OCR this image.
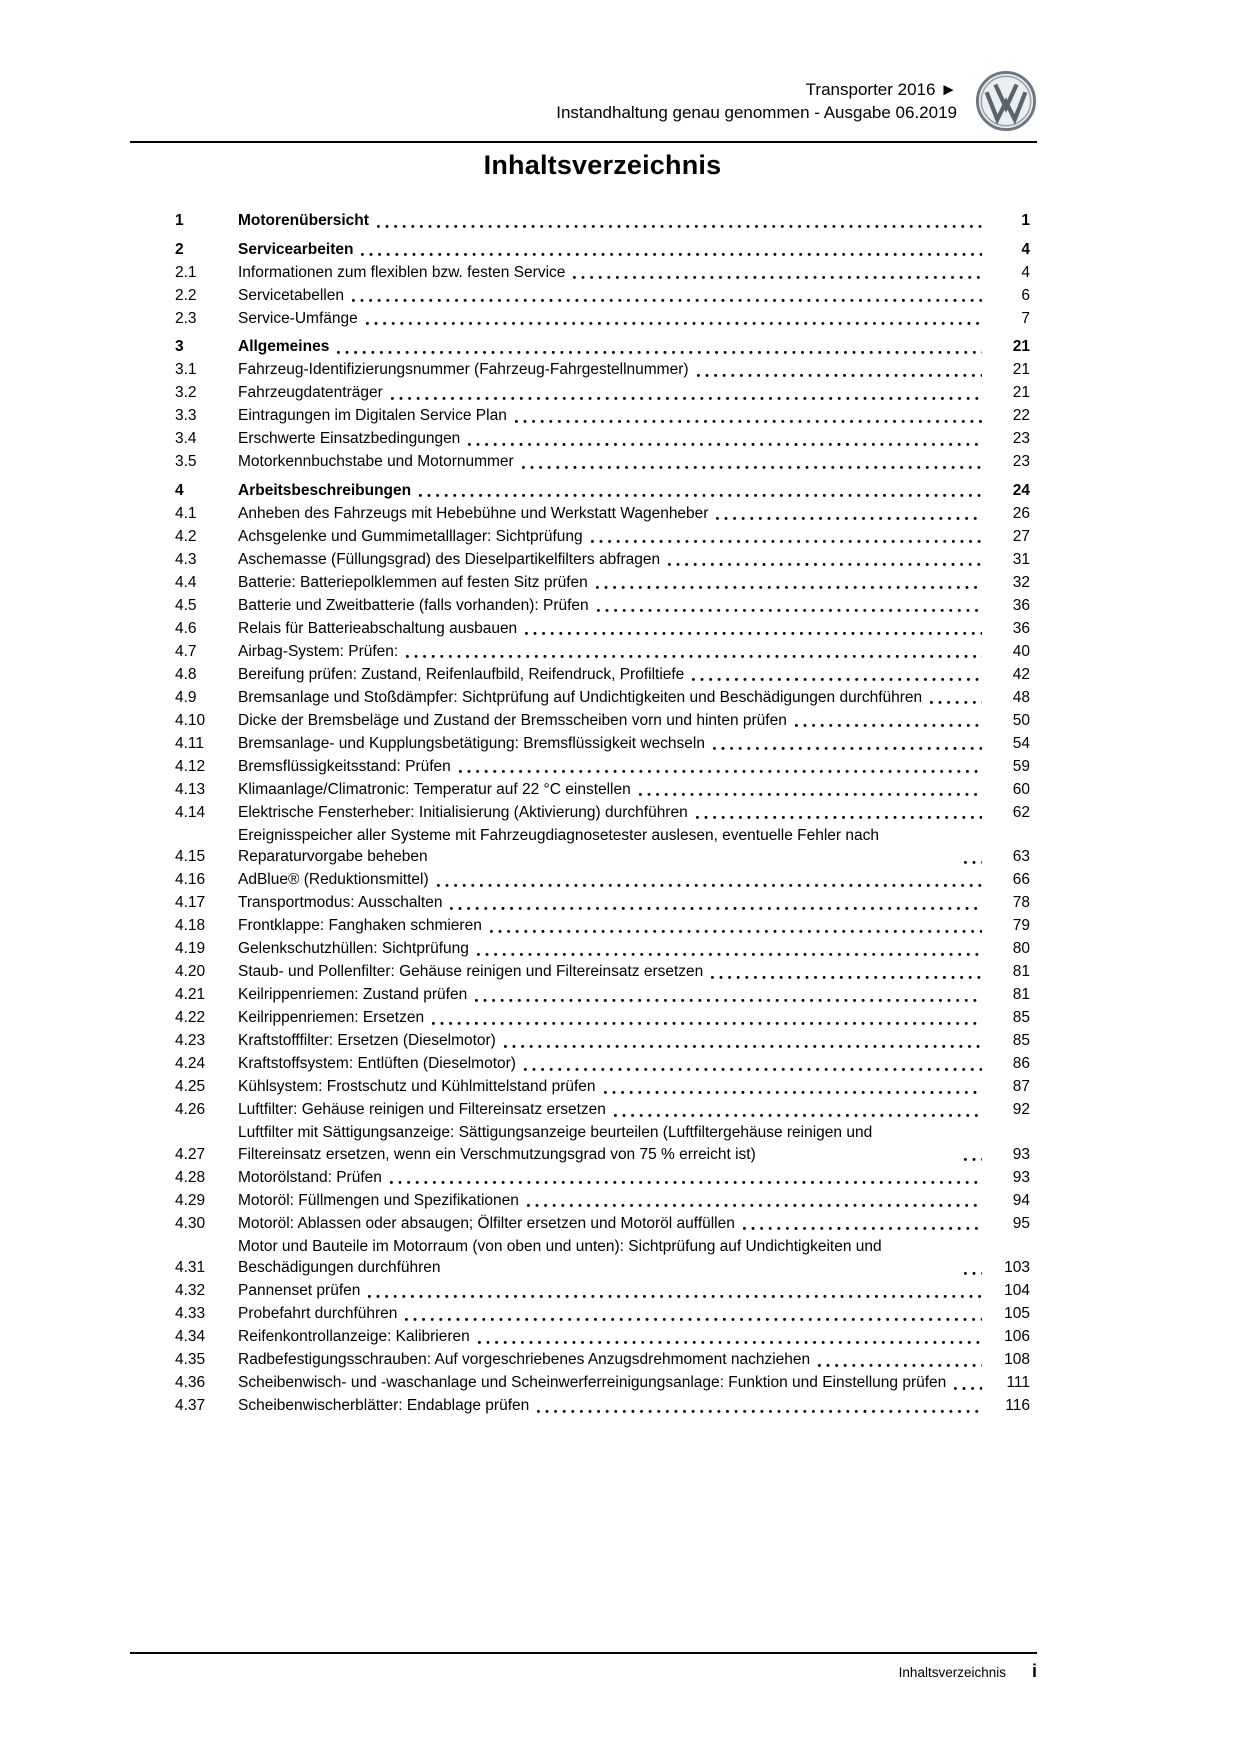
Transporter 2016 ►
Instandhaltung genau genommen - Ausgabe 06.2019
Inhaltsverzeichnis
1	Motorenübersicht	1
2	Servicearbeiten	4
2.1	Informationen zum flexiblen bzw. festen Service	4
2.2	Servicetabellen	6
2.3	Service-Umfänge	7
3	Allgemeines	21
3.1	Fahrzeug-Identifizierungsnummer (Fahrzeug-Fahrgestellnummer)	21
3.2	Fahrzeugdatenträger	21
3.3	Eintragungen im Digitalen Service Plan	22
3.4	Erschwerte Einsatzbedingungen	23
3.5	Motorkennbuchstabe und Motornummer	23
4	Arbeitsbeschreibungen	24
4.1	Anheben des Fahrzeugs mit Hebebühne und Werkstatt Wagenheber	26
4.2	Achsgelenke und Gummimetalllager: Sichtprüfung	27
4.3	Aschemasse (Füllungsgrad) des Dieselpartikelfilters abfragen	31
4.4	Batterie: Batteriepolklemmen auf festen Sitz prüfen	32
4.5	Batterie und Zweitbatterie (falls vorhanden): Prüfen	36
4.6	Relais für Batterieabschaltung ausbauen	36
4.7	Airbag-System: Prüfen:	40
4.8	Bereifung prüfen: Zustand, Reifenlaufbild, Reifendruck, Profiltiefe	42
4.9	Bremsanlage und Stoßdämpfer: Sichtprüfung auf Undichtigkeiten und Beschädigungen durchführen	48
4.10	Dicke der Bremsbeläge und Zustand der Bremsscheiben vorn und hinten prüfen	50
4.11	Bremsanlage- und Kupplungsbetätigung: Bremsflüssigkeit wechseln	54
4.12	Bremsflüssigkeitsstand: Prüfen	59
4.13	Klimaanlage/Climatronic: Temperatur auf 22 °C einstellen	60
4.14	Elektrische Fensterheber: Initialisierung (Aktivierung) durchführen	62
4.15
Ereignisspeicher aller Systeme mit Fahrzeugdiagnosetester auslesen, eventuelle Fehler nach Reparaturvorgabe beheben	63
4.16	AdBlue® (Reduktionsmittel)	66
4.17	Transportmodus: Ausschalten	78
4.18	Frontklappe: Fanghaken schmieren	79
4.19	Gelenkschutzhüllen: Sichtprüfung	80
4.20	Staub- und Pollenfilter: Gehäuse reinigen und Filtereinsatz ersetzen	81
4.21	Keilrippenriemen: Zustand prüfen	81
4.22	Keilrippenriemen: Ersetzen	85
4.23	Kraftstofffilter: Ersetzen (Dieselmotor)	85
4.24	Kraftstoffsystem: Entlüften (Dieselmotor)	86
4.25	Kühlsystem: Frostschutz und Kühlmittelstand prüfen	87
4.26	Luftfilter: Gehäuse reinigen und Filtereinsatz ersetzen	92
4.27
Luftfilter mit Sättigungsanzeige: Sättigungsanzeige beurteilen (Luftfiltergehäuse reinigen und Filtereinsatz ersetzen, wenn ein Verschmutzungsgrad von 75 % erreicht ist)	93
4.28	Motorölstand: Prüfen	93
4.29	Motoröl: Füllmengen und Spezifikationen	94
4.30	Motoröl: Ablassen oder absaugen; Ölfilter ersetzen und Motoröl auffüllen	95
4.31
Motor und Bauteile im Motorraum (von oben und unten): Sichtprüfung auf Undichtigkeiten und Beschädigungen durchführen	103
4.32	Pannenset prüfen	104
4.33	Probefahrt durchführen	105
4.34	Reifenkontrollanzeige: Kalibrieren	106
4.35	Radbefestigungsschrauben: Auf vorgeschriebenes Anzugsdrehmoment nachziehen	108
4.36	Scheibenwisch- und -waschanlage und Scheinwerferreinigungsanlage: Funktion und Einstellung prüfen	111
4.37	Scheibenwischerblätter: Endablage prüfen	116
Inhaltsverzeichnis i
